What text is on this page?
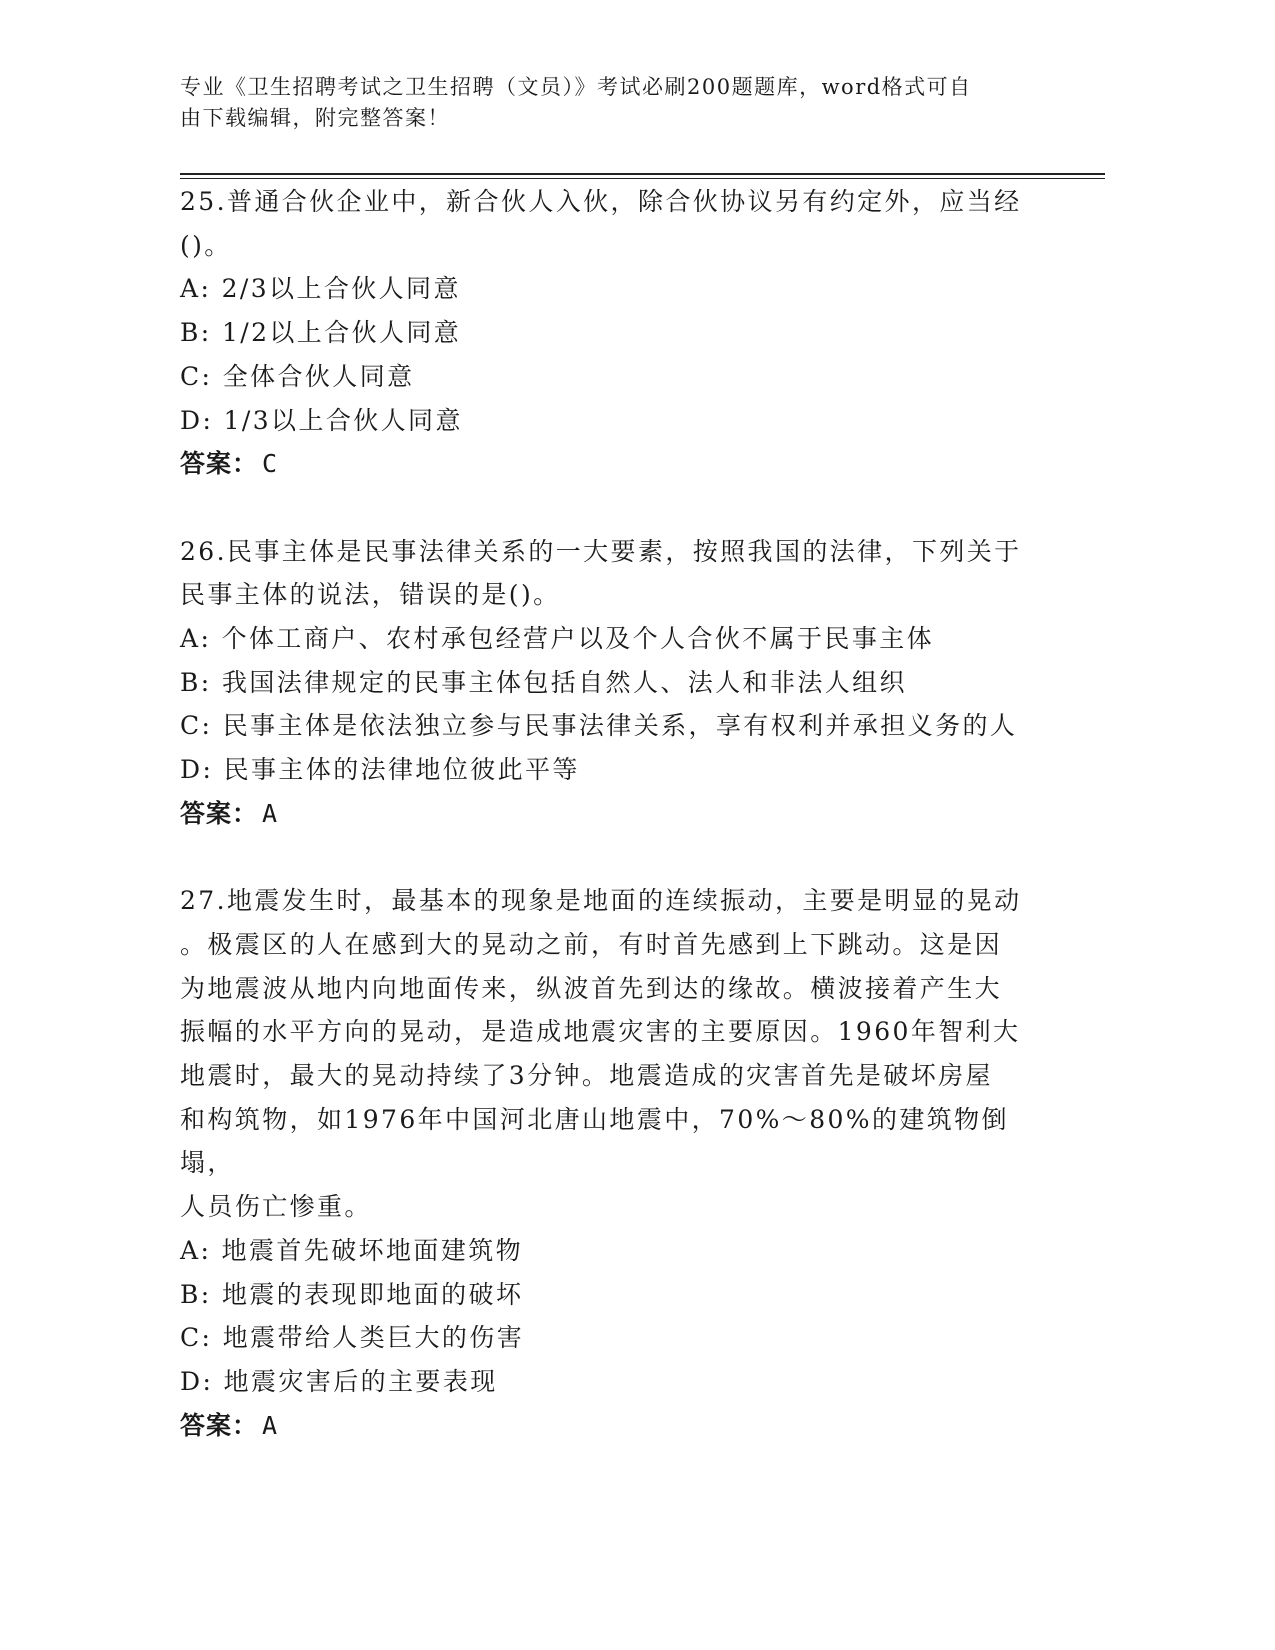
专业《卫生招聘考试之卫生招聘（文员）》考试必刷200题题库，word格式可自
由下载编辑，附完整答案！

25.普通合伙企业中，新合伙人入伙，除合伙协议另有约定外，应当经

()。

A: 2/3以上合伙人同意

B: 1/2以上合伙人同意

C: 全体合伙人同意

D: 1/3以上合伙人同意

答案： C

26.民事主体是民事法律关系的一大要素，按照我国的法律，下列关于

民事主体的说法，错误的是()。

A: 个体工商户、农村承包经营户以及个人合伙不属于民事主体

B: 我国法律规定的民事主体包括自然人、法人和非法人组织

C: 民事主体是依法独立参与民事法律关系，享有权利并承担义务的人

D: 民事主体的法律地位彼此平等

答案： A

27.地震发生时，最基本的现象是地面的连续振动，主要是明显的晃动

。极震区的人在感到大的晃动之前，有时首先感到上下跳动。这是因

为地震波从地内向地面传来，纵波首先到达的缘故。横波接着产生大

振幅的水平方向的晃动，是造成地震灾害的主要原因。1960年智利大

地震时，最大的晃动持续了3分钟。地震造成的灾害首先是破坏房屋

和构筑物，如1976年中国河北唐山地震中，70%～80%的建筑物倒塌，

人员伤亡惨重。

A: 地震首先破坏地面建筑物

B: 地震的表现即地面的破坏

C: 地震带给人类巨大的伤害

D: 地震灾害后的主要表现

答案： A
